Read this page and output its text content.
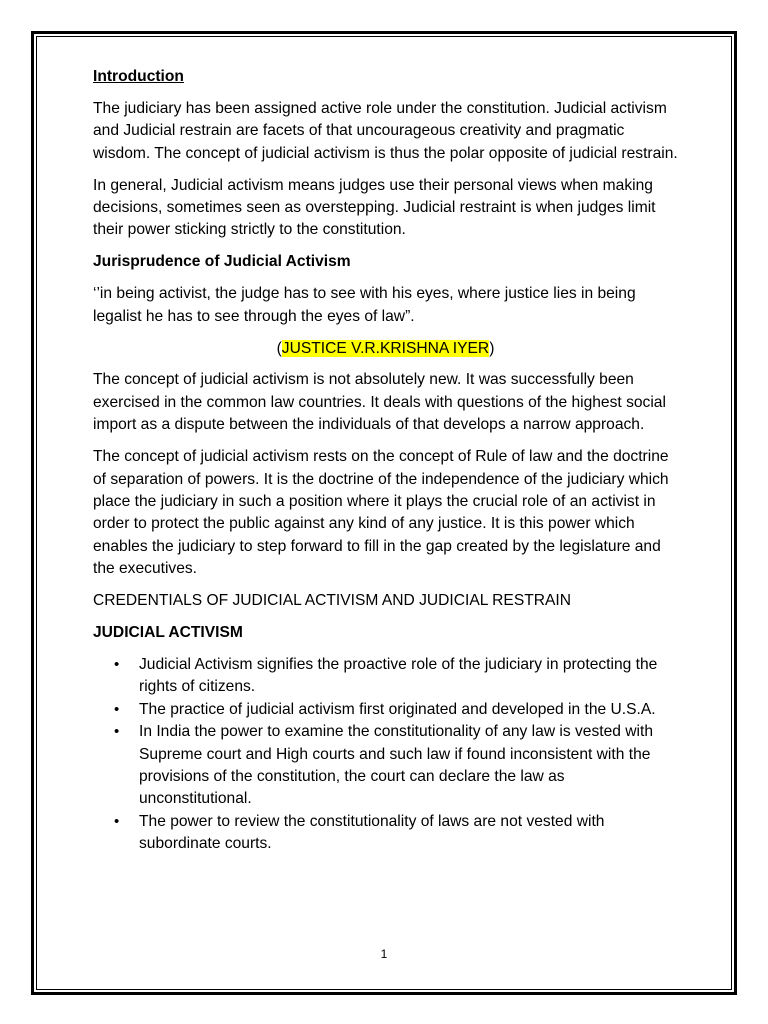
Introduction

The judiciary has been assigned active role under the constitution. Judicial activism and Judicial restrain are facets of that uncourageous creativity and pragmatic wisdom. The concept of judicial activism is thus the polar opposite of judicial restrain.

In general, Judicial activism means judges use their personal views when making decisions, sometimes seen as overstepping. Judicial restraint is when judges limit their power sticking strictly to the constitution.

Jurisprudence of Judicial Activism

‘’in being activist, the judge has to see with his eyes, where justice lies in being legalist he has to see through the eyes of law”.

(JUSTICE V.R.KRISHNA IYER)

The concept of judicial activism is not absolutely new. It was successfully been exercised in the common law countries. It deals with questions of the highest social import as a dispute between the individuals of that develops a narrow approach.

The concept of judicial activism rests on the concept of Rule of law and the doctrine of separation of powers. It is the doctrine of the independence of the judiciary which place the judiciary in such a position where it plays the crucial role of an activist in order to protect the public against any kind of any justice. It is this power which enables the judiciary to step forward to fill in the gap created by the legislature and the executives.

CREDENTIALS OF JUDICIAL ACTIVISM AND JUDICIAL RESTRAIN

JUDICIAL ACTIVISM

• Judicial Activism signifies the proactive role of the judiciary in protecting the rights of citizens.
• The practice of judicial activism first originated and developed in the U.S.A.
• In India the power to examine the constitutionality of any law is vested with Supreme court and High courts and such law if found inconsistent with the provisions of the constitution, the court can declare the law as unconstitutional.
• The power to review the constitutionality of laws are not vested with subordinate courts.
1
